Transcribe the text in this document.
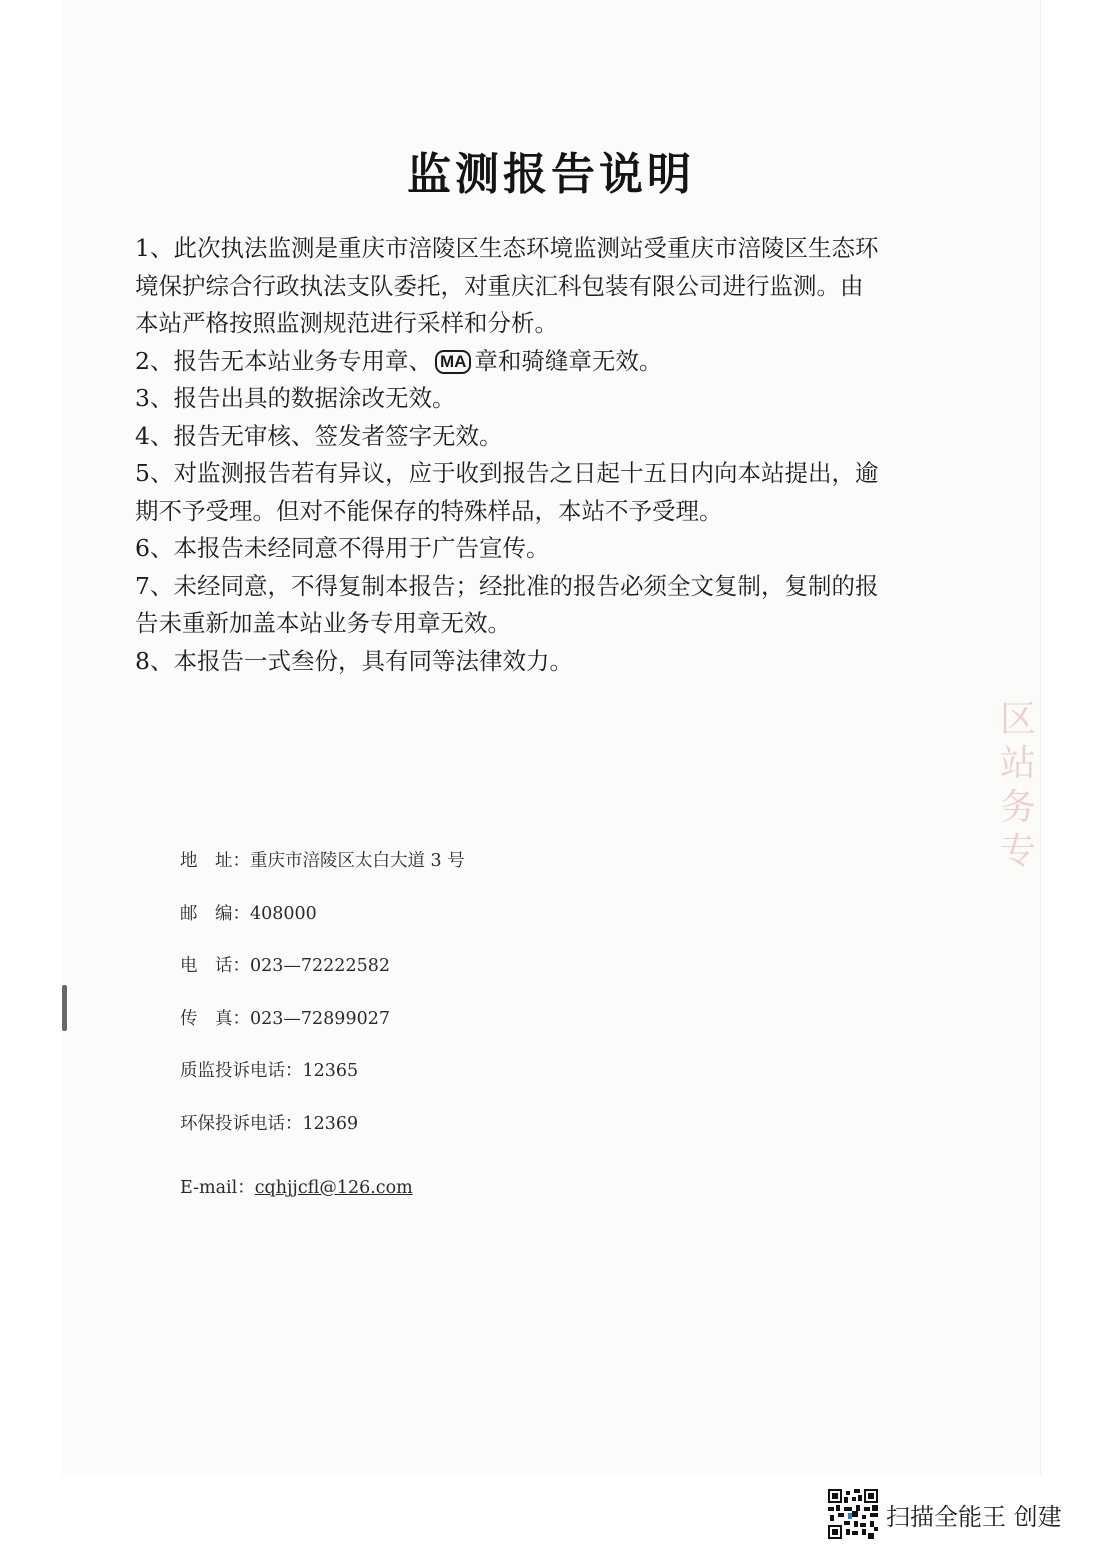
监测报告说明

1、此次执法监测是重庆市涪陵区生态环境监测站受重庆市涪陵区生态环境保护综合行政执法支队委托，对重庆汇科包装有限公司进行监测。由本站严格按照监测规范进行采样和分析。

2、报告无本站业务专用章、 MA 章和骑缝章无效。

3、报告出具的数据涂改无效。

4、报告无审核、签发者签字无效。

5、对监测报告若有异议，应于收到报告之日起十五日内向本站提出，逾期不予受理。但对不能保存的特殊样品，本站不予受理。

6、本报告未经同意不得用于广告宣传。

7、未经同意，不得复制本报告；经批准的报告必须全文复制，复制的报告未重新加盖本站业务专用章无效。

8、本报告一式叁份，具有同等法律效力。

地　址：重庆市涪陵区太白大道 3 号
邮　编：408000
电　话：023—72222582
传　真：023—72899027
质监投诉电话：12365
环保投诉电话：12369
E-mail：cqhjjcfl@126.com
区站务专
扫描全能王 创建
